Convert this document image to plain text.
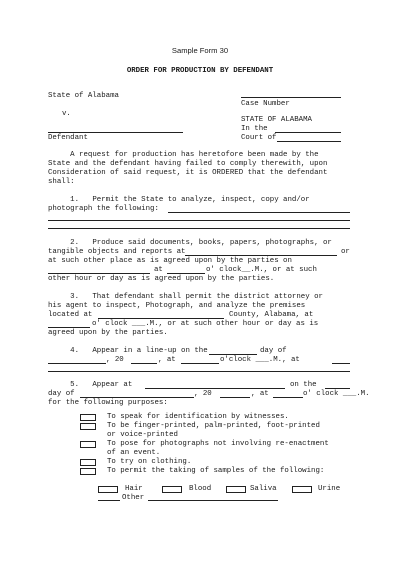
Sample Form 30
ORDER FOR PRODUCTION BY DEFENDANT
State of Alabama
Case Number
v.
STATE OF ALABAMA
In the
Defendant	Court of
A request for production has heretofore been made by the
State and the defendant having failed to comply therewith, upon
Consideration of said request, it is ORDERED that the defendant
shall:
1.   Permit the State to analyze, inspect, copy and/or
photograph the following:
2.   Produce said documents, books, papers, photographs, or
tangible objects and reports at	or
at such other place as is agreed upon by the parties on
at	o' clock__.M., or at such
other hour or day as is agreed upon by the parties.
3.   That defendant shall permit the district attorney or
his agent to inspect, Photograph, and analyze the premises
located at	County, Alabama, at
o' clock ___.M., or at such other hour or day as is
agreed upon by the parties.
4.   Appear in a line-up on the	day of
, 20	, at	o'clock ___.M., at
5.   Appear at	on the
day of	, 20	, at	o' clock ___.M.
for the following purposes:
To speak for identification by witnesses.
To be finger-printed, palm-printed, foot-printed
or voice-printed
To pose for photographs not involving re-enactment
of an event.
To try on clothing.
To permit the taking of samples of the following:
Hair	Blood	Saliva	Urine
Other
